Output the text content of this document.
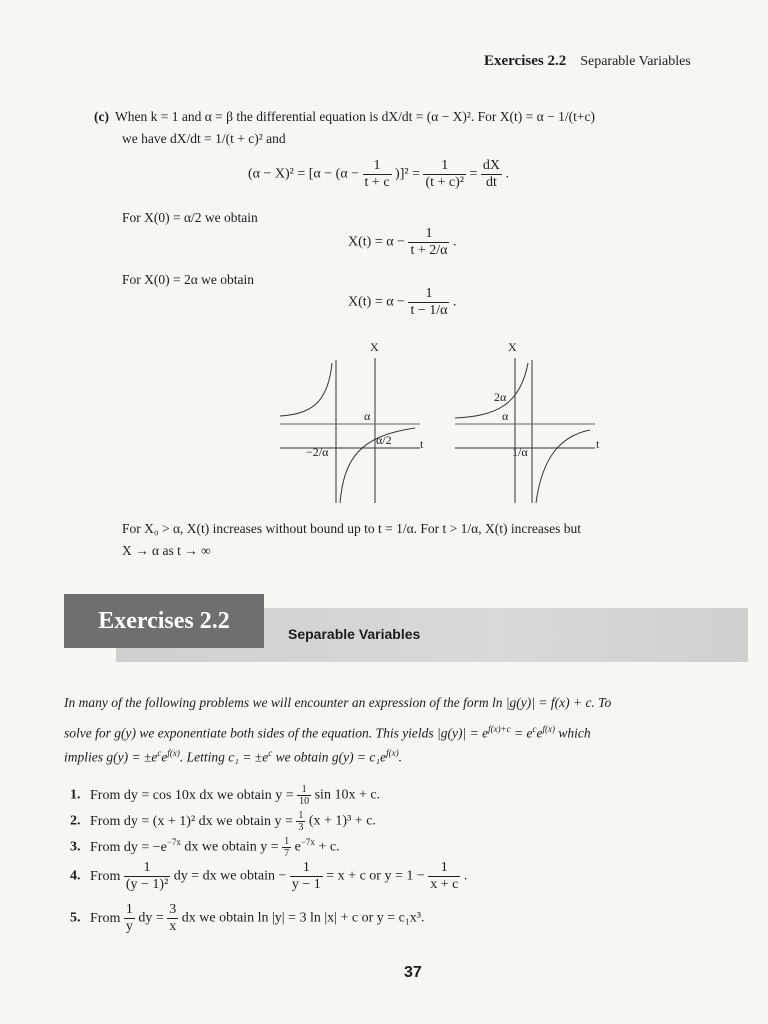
Exercises 2.2 Separable Variables
(c) When k = 1 and α = β the differential equation is dX/dt = (α − X)². For X(t) = α − 1/(t+c)
we have dX/dt = 1/(t + c)² and
$(\alpha - X)^2 = [\alpha - (\alpha - \frac{1}{t + c} )]^2 = \frac{1}{\text{(t + c)²}} = \frac{dX}{dt}$ .
For X(0) = α/2 we obtain
$X(t) = \alpha - \frac{1}{t + 2/\alpha}$ .
For X(0) = 2α we obtain
$X(t) = \alpha - \frac{1}{t - 1/\alpha}$ .
X
α
α/2
−2/α
t
X
2α
α
1/α
t
For X₀ > α, X(t) increases without bound up to t = 1/α. For t > 1/α, X(t) increases but
X → α as t → ∞
Exercises 2.2	Separable Variables
In many of the following problems we will encounter an expression of the form ln |g(y)| = f(x) + c. To
solve for g(y) we exponentiate both sides of the equation. This yields $|g(y)| = e^{f(x)+c} = e^ce^{f(x)}$ which
implies $g(y) = \pm e^ce^{f(x)}$. Letting $c_1 = \pm e^c$ we obtain $g(y) = c_1e^{f(x)}$.
1. From dy = cos 10x dx we obtain $y = \frac{1}{10}$ sin 10x + c.
2. From dy = (x + 1)² dx we obtain $y = \frac{1}{3} (x + 1)^3 + c$.
3. From dy = $-e^{-7x}$ dx we obtain $y = \frac{1}{7} e^{-7x} + c$.
4. From $\frac{1}{\text{(y − 1)²}}$ dy = dx we obtain − $\frac{1}{y - 1} = x + c$ or $y = 1 - \frac{1}{x + c}$ .
5. From $\frac{1}{y}$ dy = $\frac{3}{x}$ dx we obtain ln |y| = 3 ln |x| + c or y = c₁x³.
37
